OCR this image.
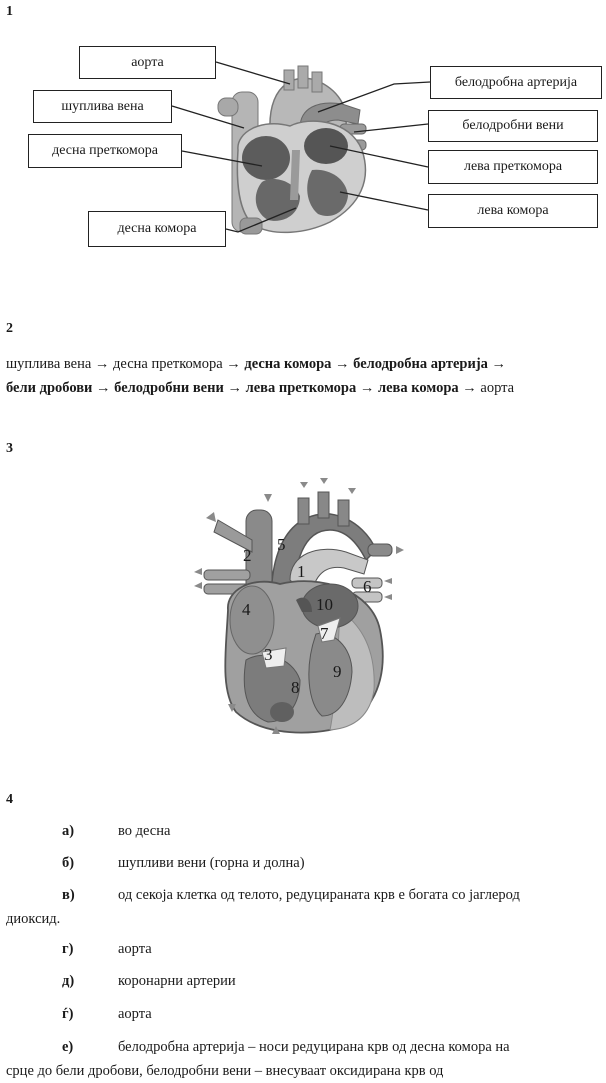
1
аорта
шуплива вена
десна преткомора
десна комора
белодробна артерија
белодробни вени
лева преткомора
лева комора
2
шуплива вена → десна преткомора → десна комора → белодробна артерија →
бели дробови → белодробни вени → лева преткомора → лева комора → аорта
3
1
2
3
4
5
6
7
8
9
10
4
а)	во десна
б)	шупливи вени (горна и долна)
в)	од секоја клетка од телото, редуцираната крв е богата со јаглерод
диоксид.
г)	аорта
д)	коронарни артерии
ѓ)	аорта
е)	белодробна артерија – носи редуцирана крв од десна комора на
срце до бели дробови, белодробни вени – внесуваат оксидирана крв од
